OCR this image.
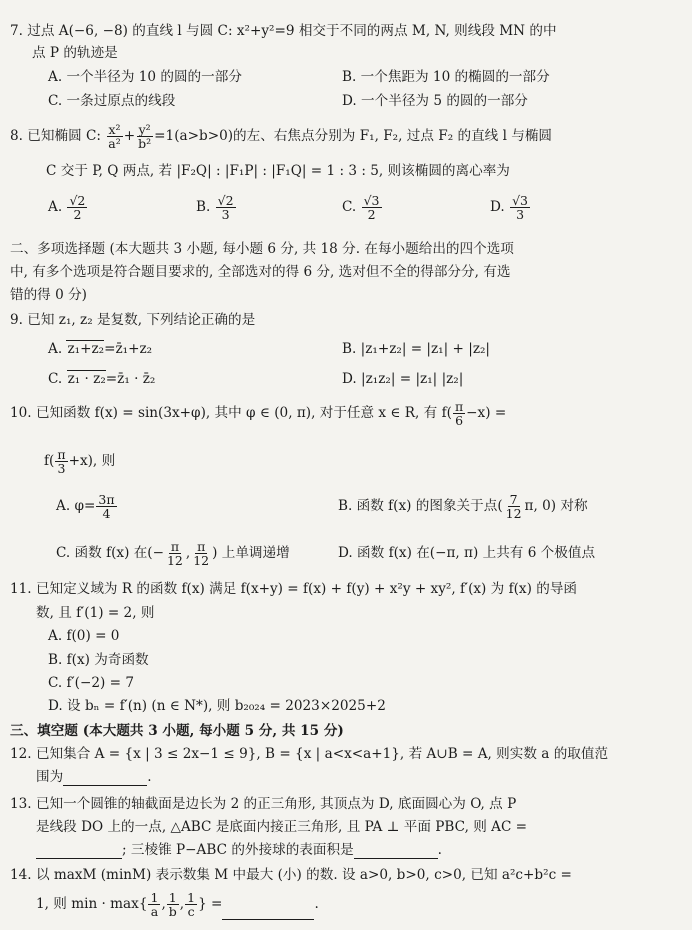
7. 过点 A(−6, −8) 的直线 l 与圆 C: x²+y²=9 相交于不同的两点 M, N, 则线段 MN 的中
点 P 的轨迹是
A. 一个半径为 10 的圆的一部分	B. 一个焦距为 10 的椭圆的一部分
C. 一条过原点的线段	D. 一个半径为 5 的圆的一部分
8. 已知椭圆 C: $\frac{\text{x²}}{\text{a²}} + \frac{\text{y²}}{\text{b²}} =1(a>b>0)$的左、右焦点分别为 F₁, F₂, 过点 F₂ 的直线 l 与椭圆
C 交于 P, Q 两点, 若 |F₂Q| : |F₁P| : |F₁Q| = 1 : 3 : 5, 则该椭圆的离心率为
A. $\frac{√2}{2}$	B. $\frac{√2}{3}$	C. $\frac{√3}{2}$	D. $\frac{√3}{3}$
二、多项选择题 (本大题共 3 小题, 每小题 6 分, 共 18 分. 在每小题给出的四个选项
中, 有多个选项是符合题目要求的, 全部选对的得 6 分, 选对但不全的得部分分, 有选
错的得 0 分)
9. 已知 z₁, z₂ 是复数, 下列结论正确的是
A. z₁+z₂=z̄₁+z₂	B. |z₁+z₂| = |z₁| + |z₂|
C. z₁ · z₂=z̄₁ · z̄₂	D. |z₁z₂| = |z₁| |z₂|
10. 已知函数 f(x) = sin(3x+φ), 其中 φ ∈ (0, π), 对于任意 x ∈ R, 有 $f( \frac{\pi}{6} -x)$ =
$f( \frac{\pi}{3} +x)$, 则
A. $\varphi= \frac{3\pi}{4}$	B. 函数 f(x) 的图象关于点( $\frac{7}{12} \pi$, 0) 对称
C. 函数 f(x) 在(− $\frac{\pi}{12}$ , $\frac{\pi}{12}$ ) 上单调递增	D. 函数 f(x) 在(−π, π) 上共有 6 个极值点
11. 已知定义域为 R 的函数 f(x) 满足 f(x+y) = f(x) + f(y) + x²y + xy², f′(x) 为 f(x) 的导函
数, 且 f′(1) = 2, 则
A. f(0) = 0
B. f(x) 为奇函数
C. f′(−2) = 7
D. 设 bₙ = f′(n) (n ∈ N*), 则 b₂₀₂₄ = 2023×2025+2
三、填空题 (本大题共 3 小题, 每小题 5 分, 共 15 分)
12. 已知集合 A = {x | 3 ≤ 2x−1 ≤ 9}, B = {x | a<x<a+1}, 若 A∪B = A, 则实数 a 的取值范
围为	.
13. 已知一个圆锥的轴截面是边长为 2 的正三角形, 其顶点为 D, 底面圆心为 O, 点 P
是线段 DO 上的一点, △ABC 是底面内接正三角形, 且 PA ⊥ 平面 PBC, 则 AC =
; 三棱锥 P−ABC 的外接球的表面积是	.
14. 以 maxM (minM) 表示数集 M 中最大 (小) 的数. 设 a>0, b>0, c>0, 已知 a²c+b²c =
1, 则 $\min \cdot \max\{ \frac{1}{a}$ , $\frac{1}{b}$ , $\frac{1}{c}$ } =	.
